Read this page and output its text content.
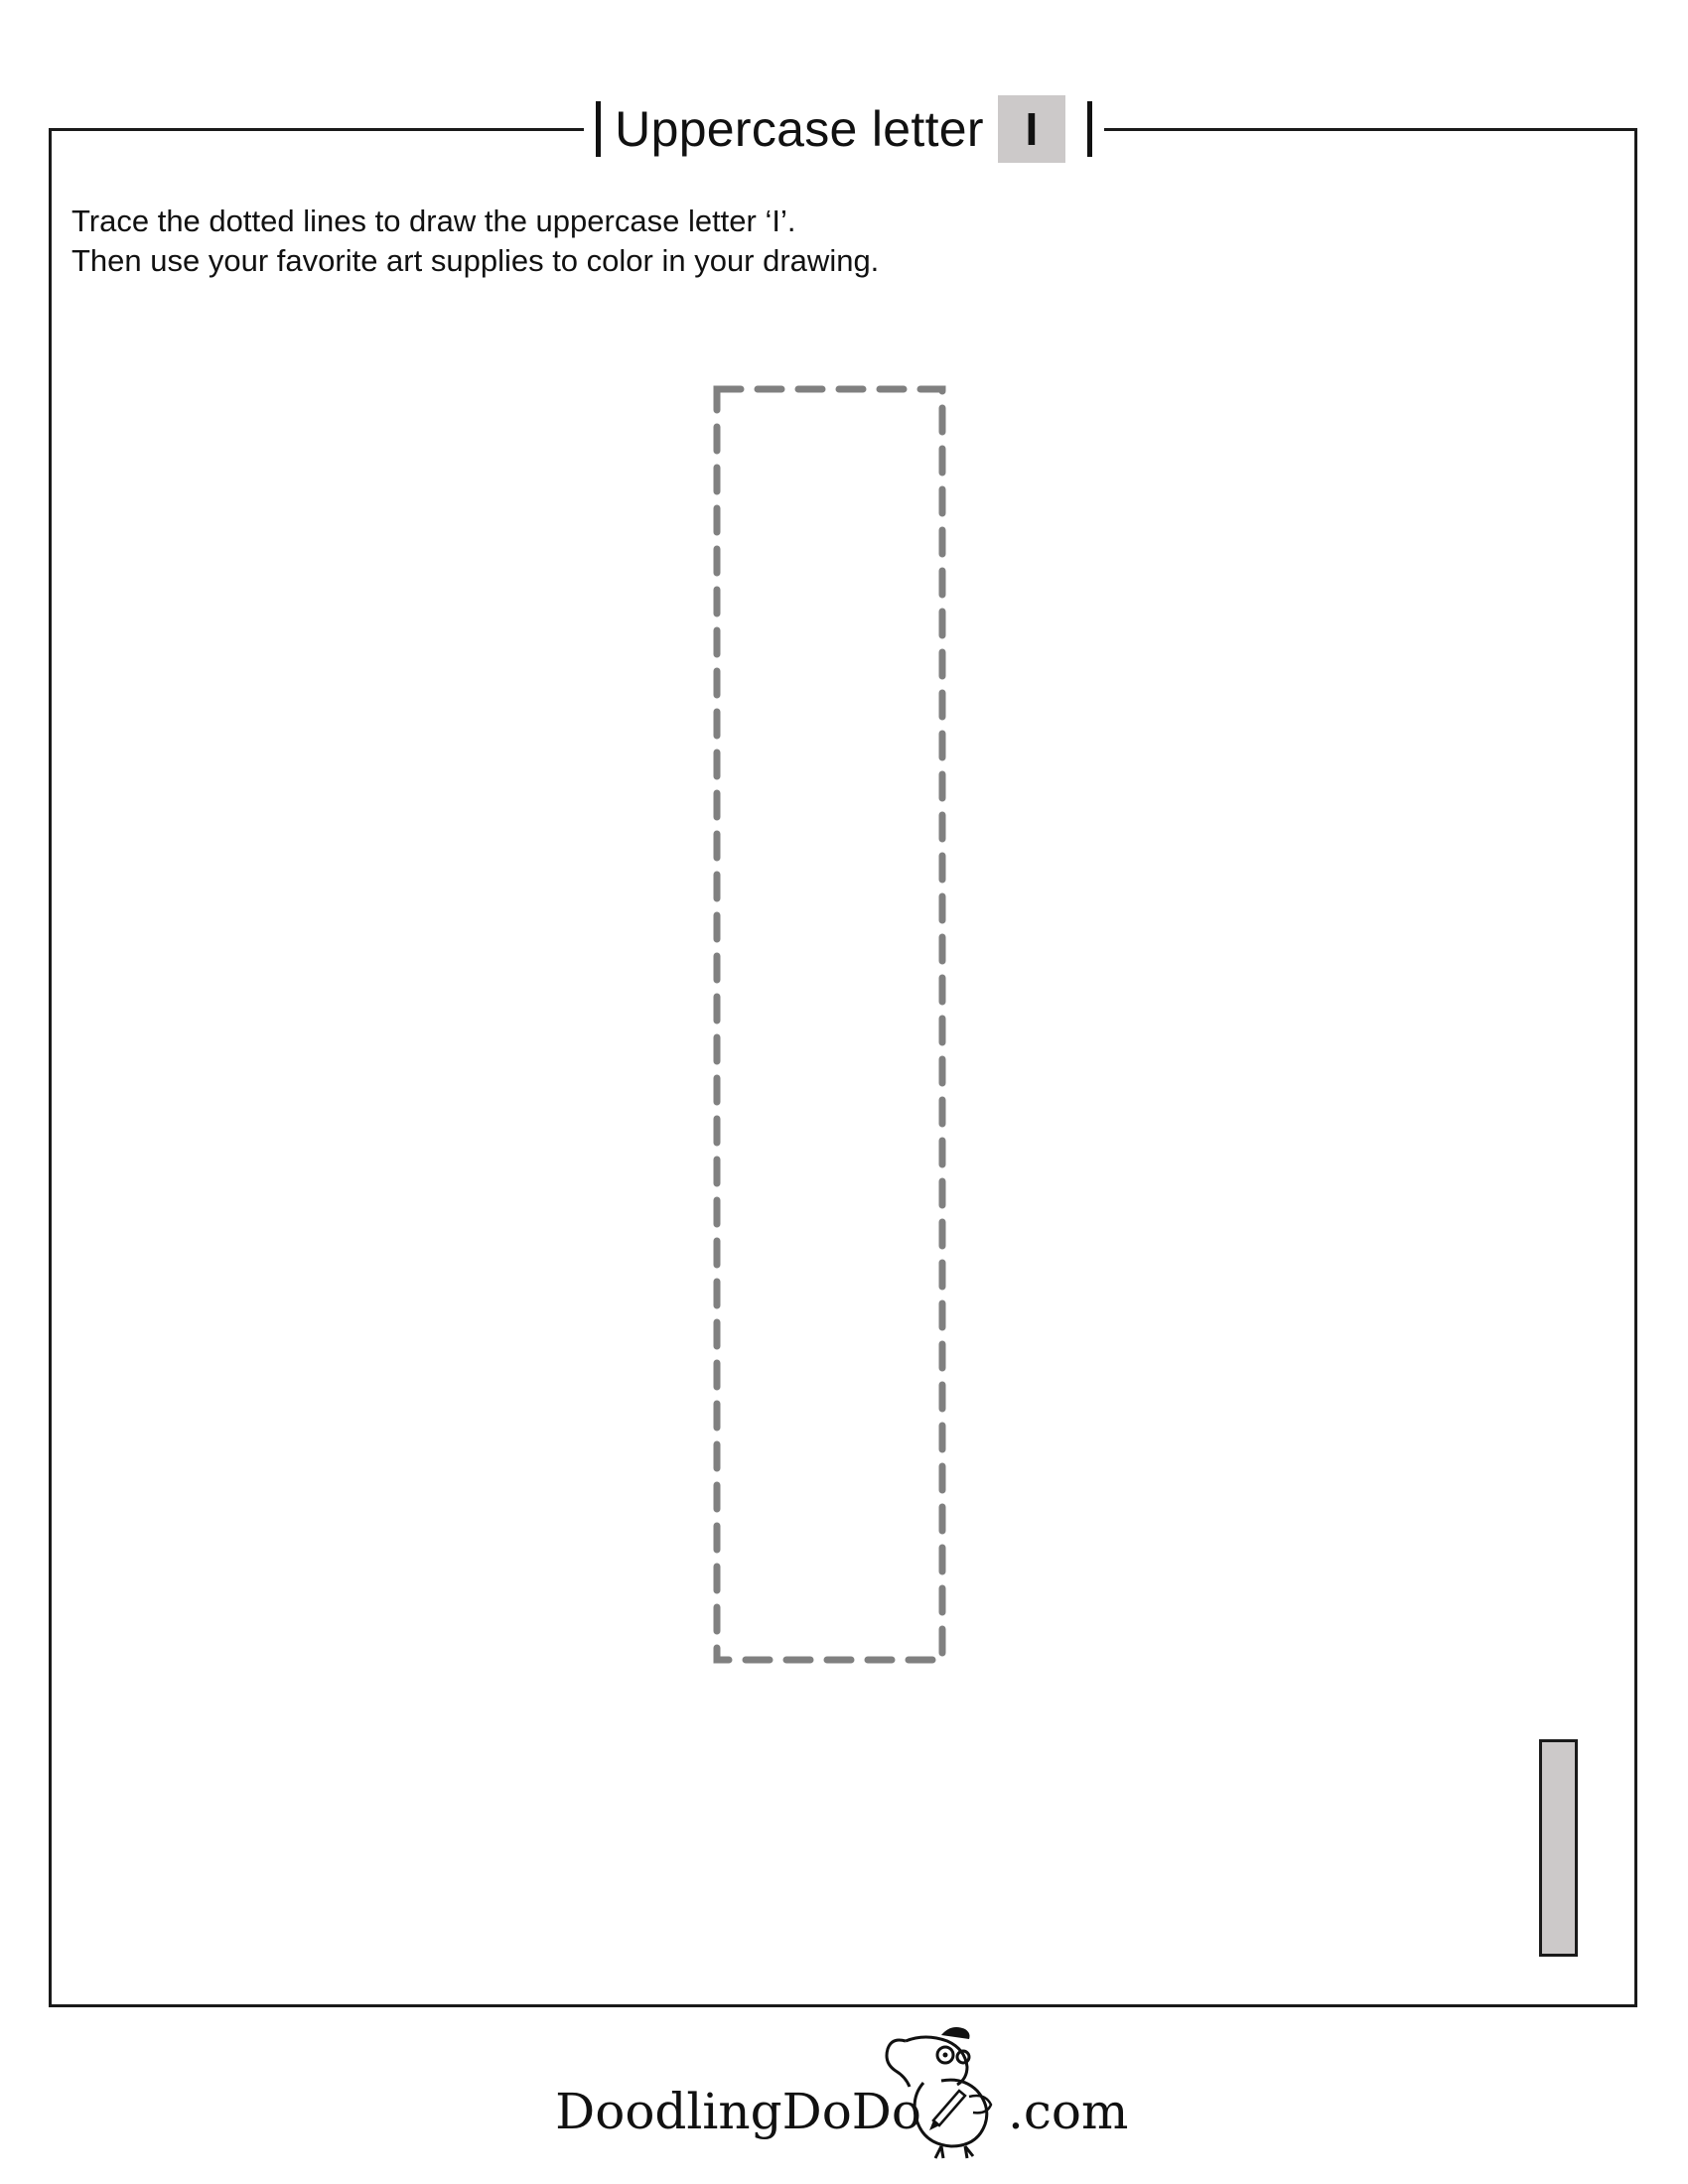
Uppercase letter I
Trace the dotted lines to draw the uppercase letter ‘I’.
Then use your favorite art supplies to color in your drawing.
DoodlingDoDo .com
